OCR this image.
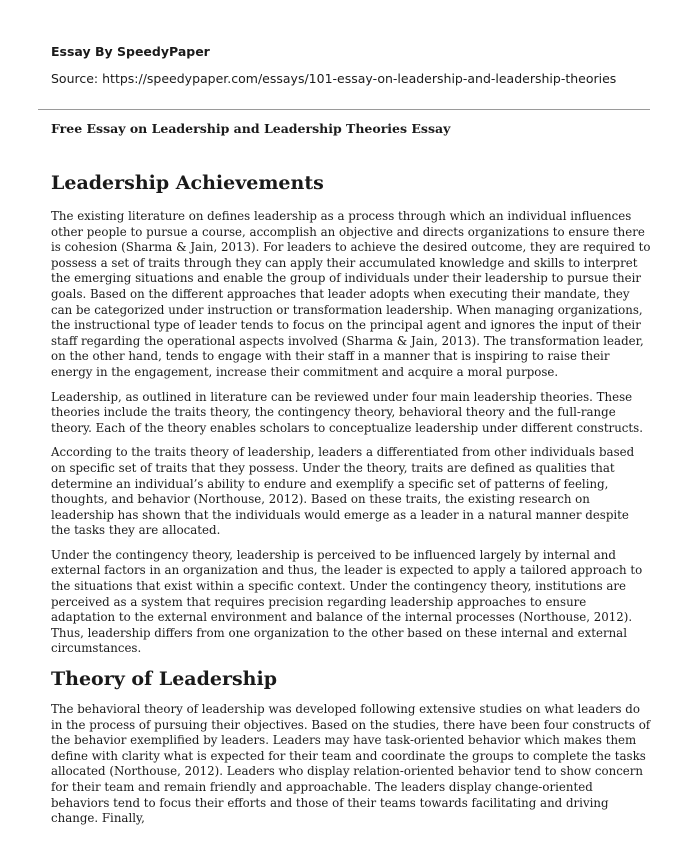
Essay By SpeedyPaper
Source: https://speedypaper.com/essays/101-essay-on-leadership-and-leadership-theories
Free Essay on Leadership and Leadership Theories Essay
Leadership Achievements

The existing literature on defines leadership as a process through which an individual influences other people to pursue a course, accomplish an objective and directs organizations to ensure there is cohesion (Sharma & Jain, 2013). For leaders to achieve the desired outcome, they are required to possess a set of traits through they can apply their accumulated knowledge and skills to interpret the emerging situations and enable the group of individuals under their leadership to pursue their goals. Based on the different approaches that leader adopts when executing their mandate, they can be categorized under instruction or transformation leadership. When managing organizations, the instructional type of leader tends to focus on the principal agent and ignores the input of their staff regarding the operational aspects involved (Sharma & Jain, 2013). The transformation leader, on the other hand, tends to engage with their staff in a manner that is inspiring to raise their energy in the engagement, increase their commitment and acquire a moral purpose.

Leadership, as outlined in literature can be reviewed under four main leadership theories. These theories include the traits theory, the contingency theory, behavioral theory and the full-range theory. Each of the theory enables scholars to conceptualize leadership under different constructs.

According to the traits theory of leadership, leaders a differentiated from other individuals based on specific set of traits that they possess. Under the theory, traits are defined as qualities that determine an individual’s ability to endure and exemplify a specific set of patterns of feeling, thoughts, and behavior (Northouse, 2012). Based on these traits, the existing research on leadership has shown that the individuals would emerge as a leader in a natural manner despite the tasks they are allocated.

Under the contingency theory, leadership is perceived to be influenced largely by internal and external factors in an organization and thus, the leader is expected to apply a tailored approach to the situations that exist within a specific context. Under the contingency theory, institutions are perceived as a system that requires precision regarding leadership approaches to ensure adaptation to the external environment and balance of the internal processes (Northouse, 2012). Thus, leadership differs from one organization to the other based on these internal and external circumstances.

Theory of Leadership

The behavioral theory of leadership was developed following extensive studies on what leaders do in the process of pursuing their objectives. Based on the studies, there have been four constructs of the behavior exemplified by leaders. Leaders may have task-oriented behavior which makes them define with clarity what is expected for their team and coordinate the groups to complete the tasks allocated (Northouse, 2012). Leaders who display relation-oriented behavior tend to show concern for their team and remain friendly and approachable. The leaders display change-oriented behaviors tend to focus their efforts and those of their teams towards facilitating and driving change. Finally,
